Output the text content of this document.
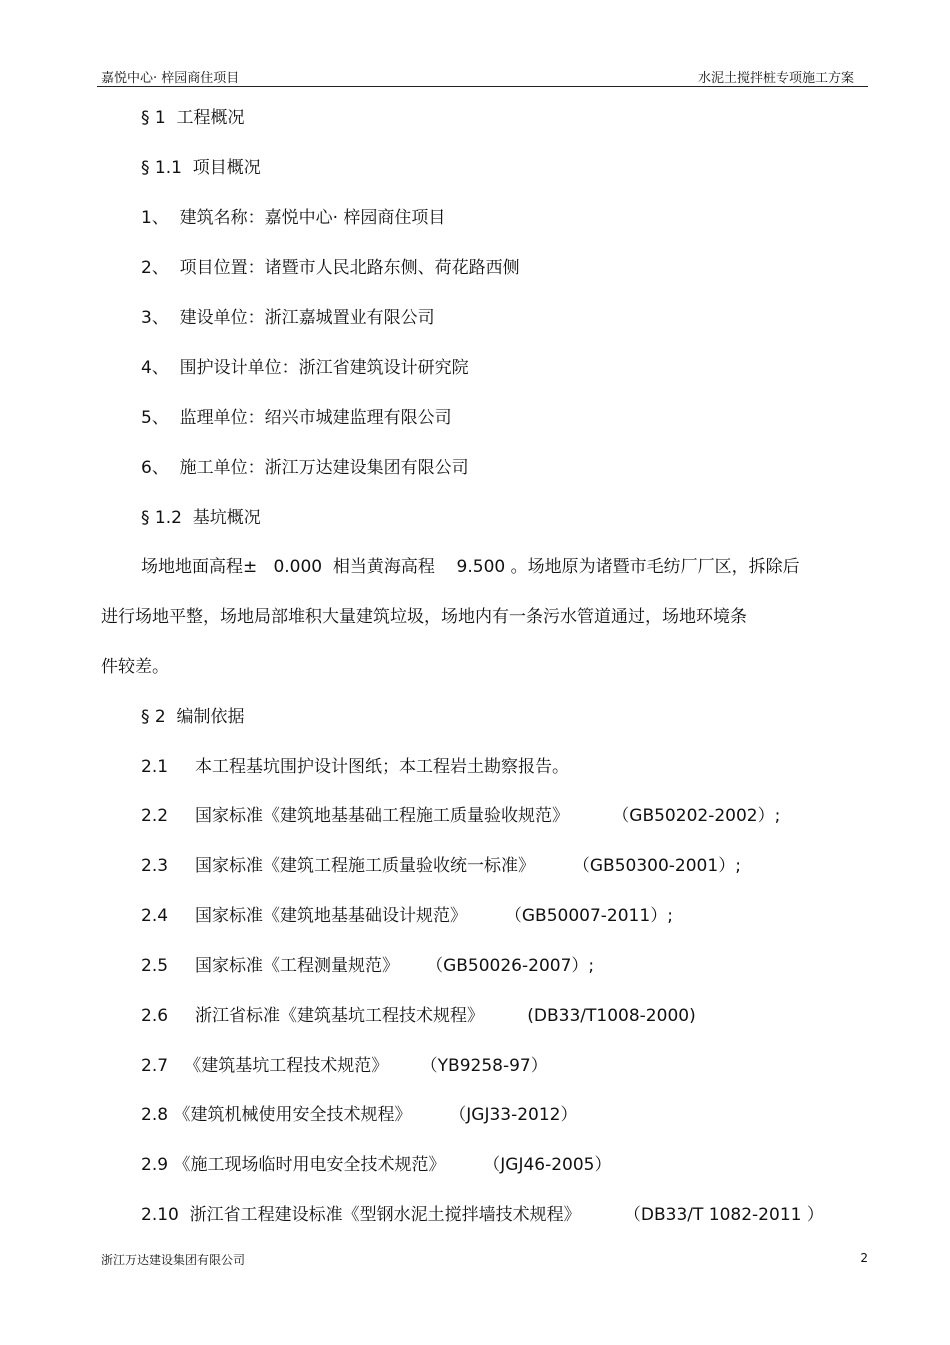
嘉悦中心· 梓园商住项目	水泥土搅拌桩专项施工方案
§ 1  工程概况
§ 1.1  项目概况
1、  建筑名称：嘉悦中心· 梓园商住项目
2、  项目位置：诸暨市人民北路东侧、荷花路西侧
3、  建设单位：浙江嘉城置业有限公司
4、  围护设计单位：浙江省建筑设计研究院
5、  监理单位：绍兴市城建监理有限公司
6、  施工单位：浙江万达建设集团有限公司
§ 1.2  基坑概况
场地地面高程±   0.000  相当黄海高程    9.500 。场地原为诸暨市毛纺厂厂区，拆除后
进行场地平整，场地局部堆积大量建筑垃圾，场地内有一条污水管道通过，场地环境条
件较差。
§ 2  编制依据
2.1     本工程基坑围护设计图纸；本工程岩土勘察报告。
2.2     国家标准《建筑地基基础工程施工质量验收规范》        （GB50202-2002）;
2.3     国家标准《建筑工程施工质量验收统一标准》       （GB50300-2001）;
2.4     国家标准《建筑地基基础设计规范》       （GB50007-2011）;
2.5     国家标准《工程测量规范》     （GB50026-2007）;
2.6     浙江省标准《建筑基坑工程技术规程》        (DB33/T1008-2000)
2.7   《建筑基坑工程技术规范》      （YB9258-97）
2.8 《建筑机械使用安全技术规程》       （JGJ33-2012）
2.9 《施工现场临时用电安全技术规范》       （JGJ46-2005）
2.10  浙江省工程建设标准《型钢水泥土搅拌墙技术规程》        （DB33/T 1082-2011 ）
浙江万达建设集团有限公司	2
